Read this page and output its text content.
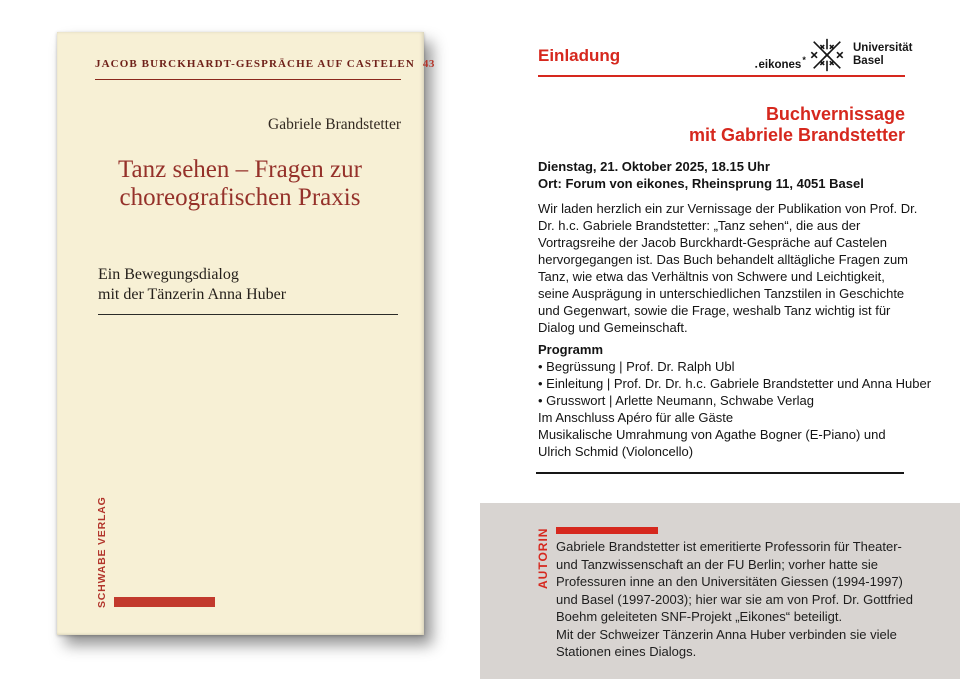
JACOB BURCKHARDT-GESPRÄCHE AUF CASTELEN 43
Gabriele Brandstetter
Tanz sehen – Fragen zur
choreografischen Praxis
Ein Bewegungsdialog
mit der Tänzerin Anna Huber
SCHWABE VERLAG
Einladung
▪eikones*
Universität
Basel
Buchvernissage
mit Gabriele Brandstetter
Dienstag, 21. Oktober 2025, 18.15 Uhr
Ort: Forum von eikones, Rheinsprung 11, 4051 Basel
Wir laden herzlich ein zur Vernissage der Publikation von Prof. Dr. Dr. h.c. Gabriele Brandstetter: „Tanz sehen“, die aus der Vortragsreihe der Jacob Burckhardt-Gespräche auf Castelen hervorgegangen ist. Das Buch behandelt alltägliche Fragen zum Tanz, wie etwa das Verhältnis von Schwere und Leichtigkeit, seine Ausprägung in unterschiedlichen Tanzstilen in Geschichte und Gegenwart, sowie die Frage, weshalb Tanz wichtig ist für Dialog und Gemeinschaft.
Programm
• Begrüssung | Prof. Dr. Ralph Ubl
• Einleitung | Prof. Dr. Dr. h.c. Gabriele Brandstetter und Anna Huber
• Grusswort | Arlette Neumann, Schwabe Verlag
Im Anschluss Apéro für alle Gäste
Musikalische Umrahmung von Agathe Bogner (E-Piano) und
Ulrich Schmid (Violoncello)
AUTORIN Gabriele Brandstetter ist emeritierte Professorin für Theater- und Tanzwissenschaft an der FU Berlin; vorher hatte sie Professuren inne an den Universitäten Giessen (1994-1997) und Basel (1997-2003); hier war sie am von Prof. Dr. Gottfried Boehm geleiteten SNF-Projekt „Eikones“ beteiligt.
Mit der Schweizer Tänzerin Anna Huber verbinden sie viele Stationen eines Dialogs.
